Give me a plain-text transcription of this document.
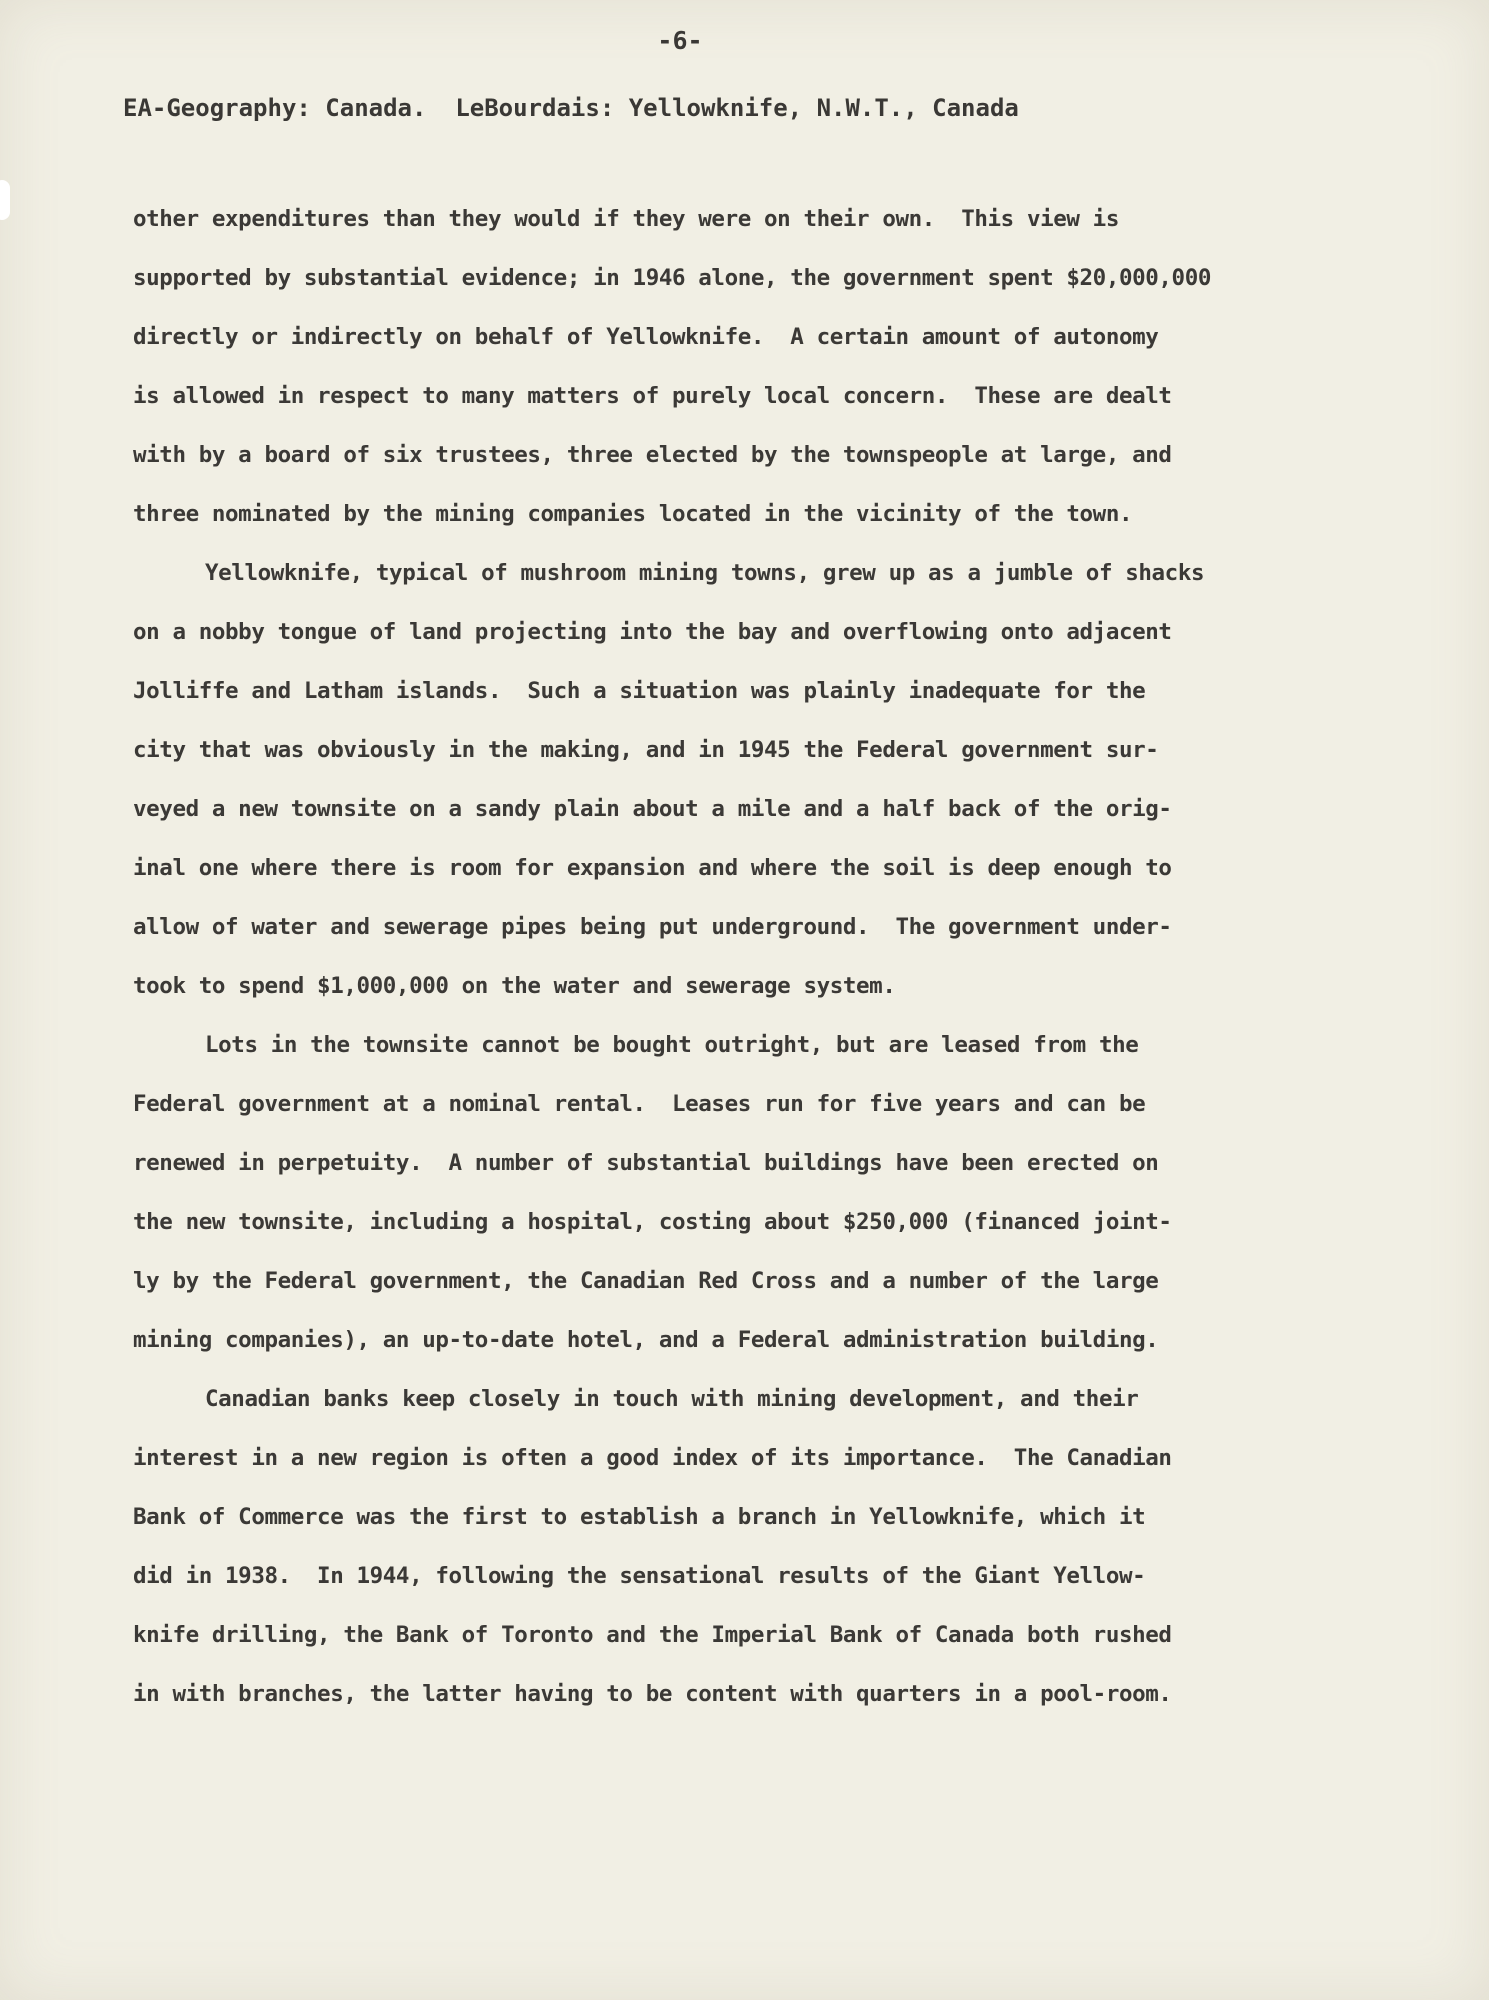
-6-
EA-Geography: Canada.  LeBourdais: Yellowknife, N.W.T., Canada
other expenditures than they would if they were on their own.  This view is
supported by substantial evidence; in 1946 alone, the government spent $20,000,000
directly or indirectly on behalf of Yellowknife.  A certain amount of autonomy
is allowed in respect to many matters of purely local concern.  These are dealt
with by a board of six trustees, three elected by the townspeople at large, and
three nominated by the mining companies located in the vicinity of the town.
Yellowknife, typical of mushroom mining towns, grew up as a jumble of shacks
on a nobby tongue of land projecting into the bay and overflowing onto adjacent
Jolliffe and Latham islands.  Such a situation was plainly inadequate for the
city that was obviously in the making, and in 1945 the Federal government sur-
veyed a new townsite on a sandy plain about a mile and a half back of the orig-
inal one where there is room for expansion and where the soil is deep enough to
allow of water and sewerage pipes being put underground.  The government under-
took to spend $1,000,000 on the water and sewerage system.
Lots in the townsite cannot be bought outright, but are leased from the
Federal government at a nominal rental.  Leases run for five years and can be
renewed in perpetuity.  A number of substantial buildings have been erected on
the new townsite, including a hospital, costing about $250,000 (financed joint-
ly by the Federal government, the Canadian Red Cross and a number of the large
mining companies), an up-to-date hotel, and a Federal administration building.
Canadian banks keep closely in touch with mining development, and their
interest in a new region is often a good index of its importance.  The Canadian
Bank of Commerce was the first to establish a branch in Yellowknife, which it
did in 1938.  In 1944, following the sensational results of the Giant Yellow-
knife drilling, the Bank of Toronto and the Imperial Bank of Canada both rushed
in with branches, the latter having to be content with quarters in a pool-room.
